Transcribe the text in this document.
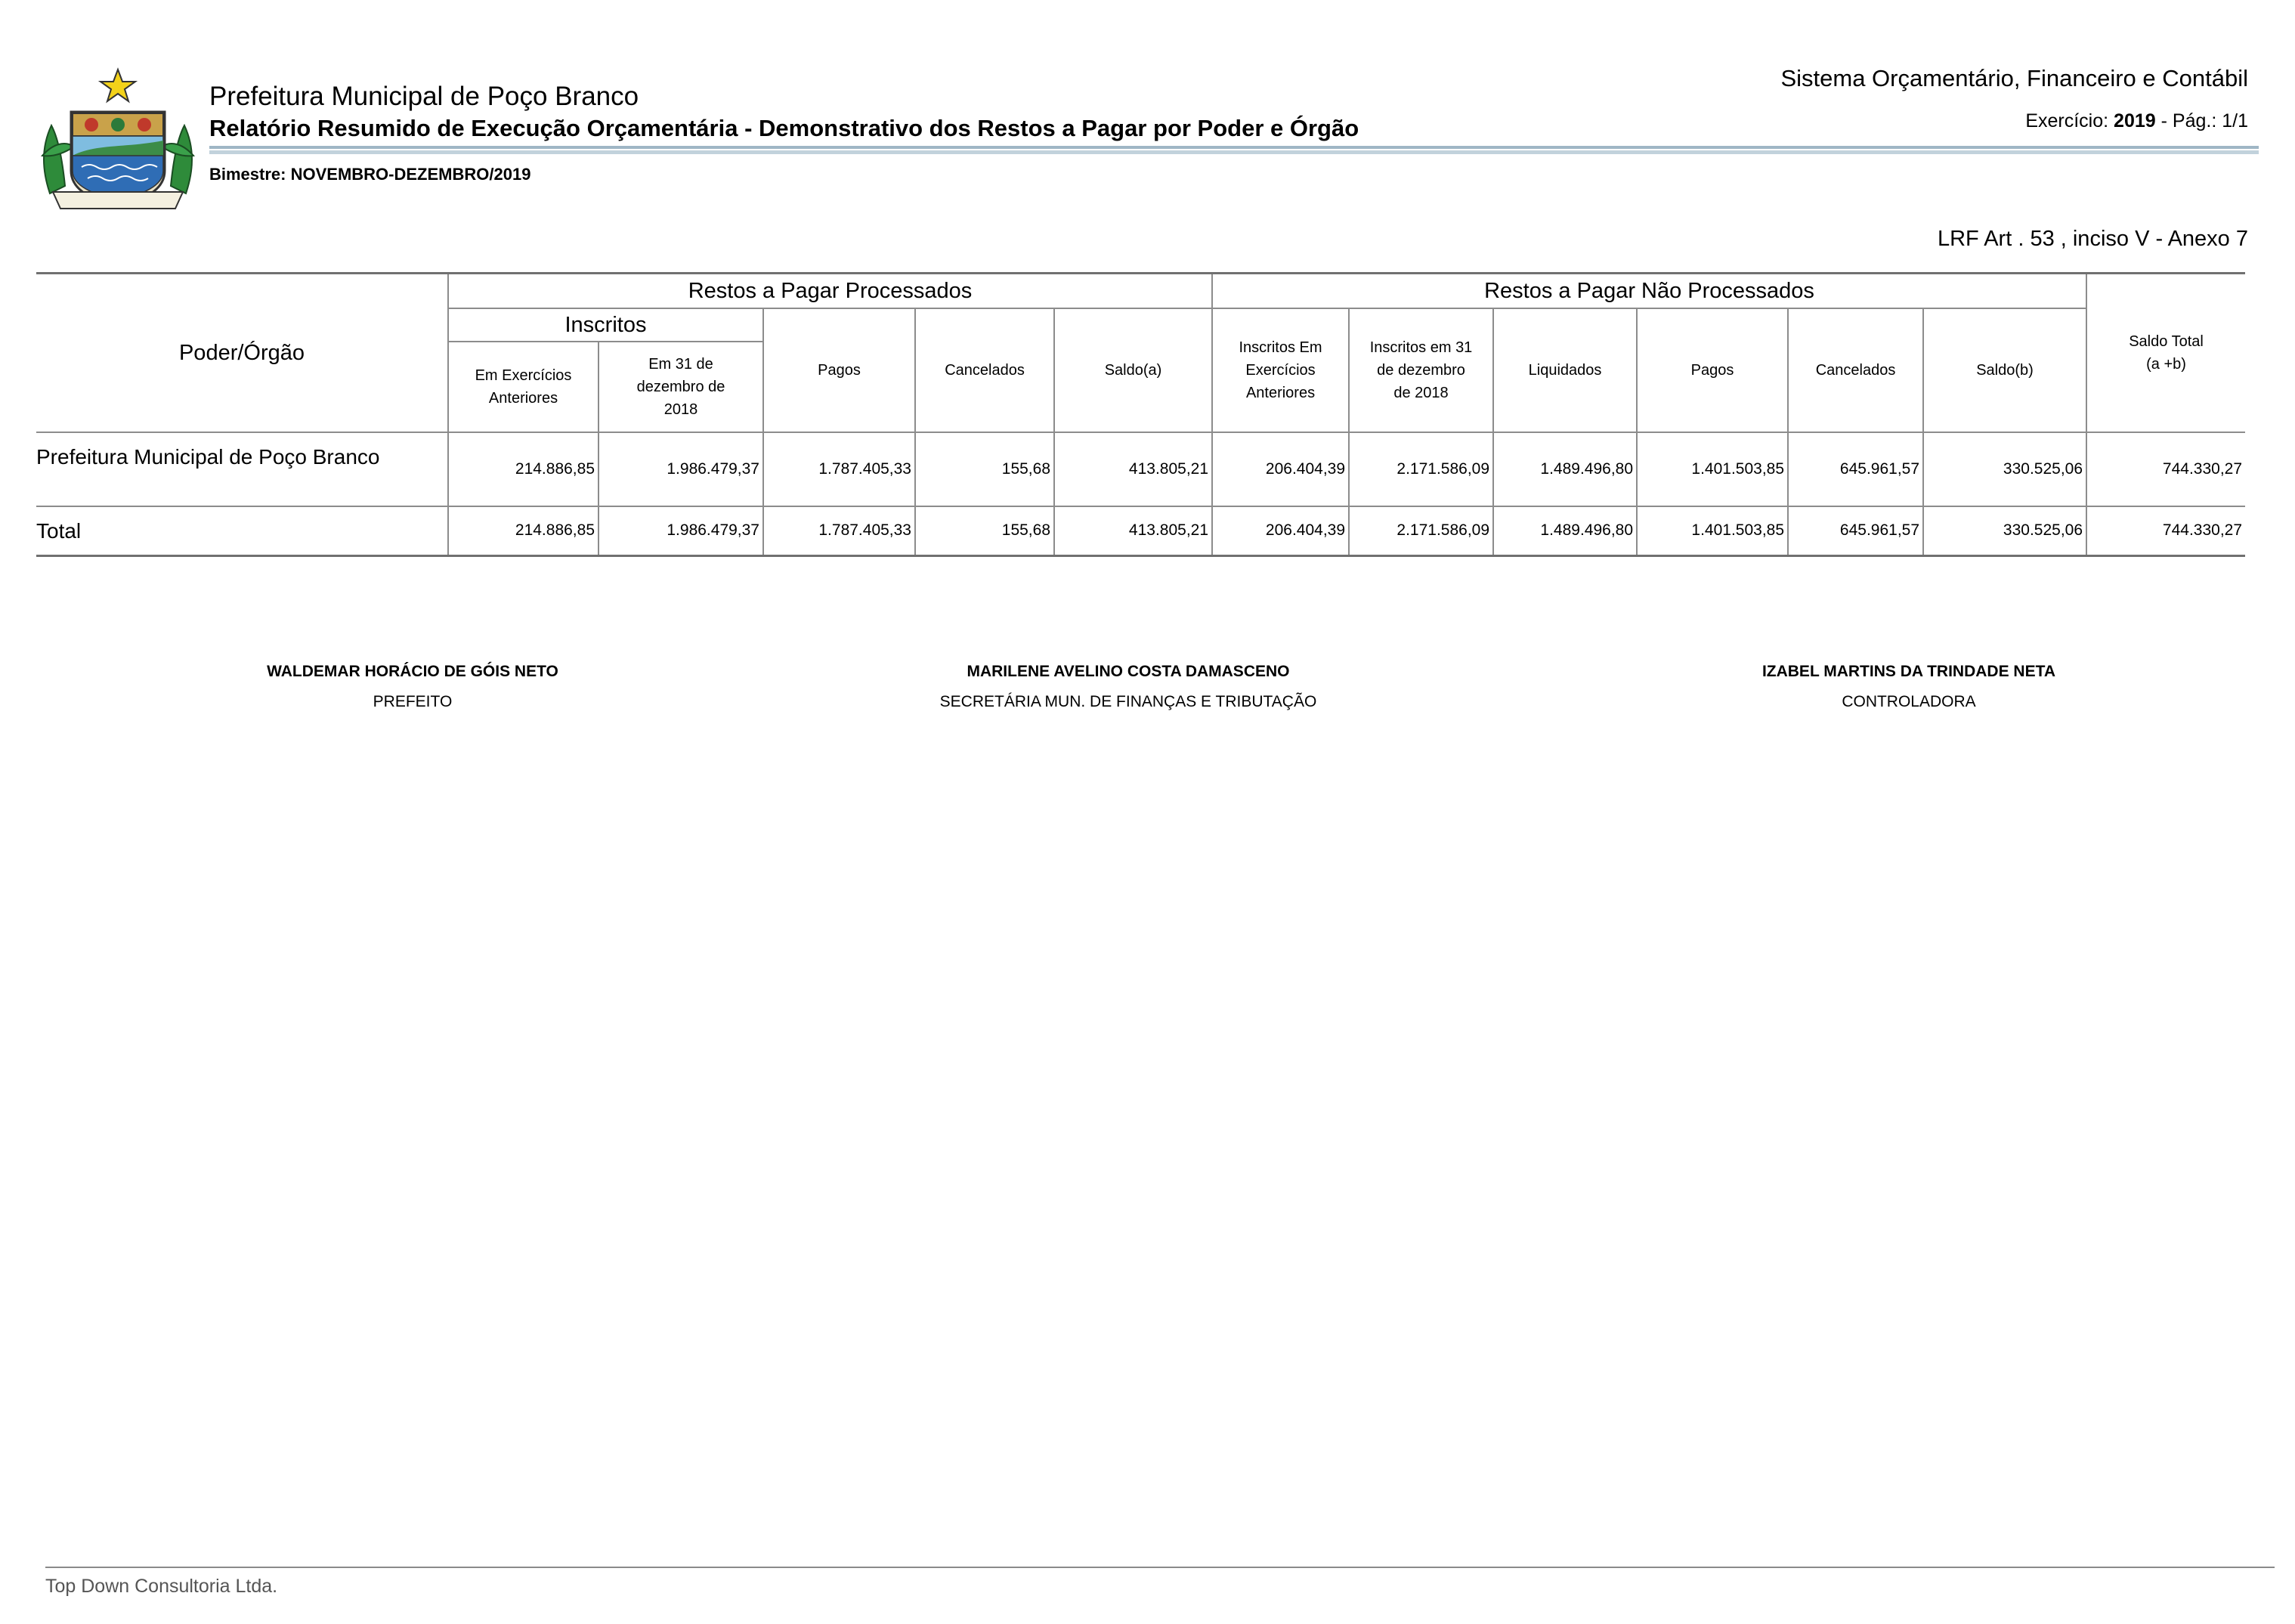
Prefeitura Municipal de Poço Branco
Relatório Resumido de Execução Orçamentária - Demonstrativo dos Restos a Pagar por Poder e Órgão
Sistema Orçamentário, Financeiro e Contábil
Exercício: 2019 - Pág.: 1/1
Bimestre: NOVEMBRO-DEZEMBRO/2019
LRF Art . 53 , inciso V - Anexo 7
Poder/Órgão	Restos a Pagar Processados					Restos a Pagar Não Processados						Saldo Total (a +b)

	Inscritos		Pagos	Cancelados	Saldo(a)	Inscritos Em Exercícios Anteriores	Inscritos em 31 de dezembro de 2018	Liquidados	Pagos	Cancelados	Saldo(b)	

	Em Exercícios Anteriores	Em 31 de dezembro de 2018										

Prefeitura Municipal de Poço Branco	214.886,85	1.986.479,37	1.787.405,33	155,68	413.805,21	206.404,39	2.171.586,09	1.489.496,80	1.401.503,85	645.961,57	330.525,06	744.330,27
Total	214.886,85	1.986.479,37	1.787.405,33	155,68	413.805,21	206.404,39	2.171.586,09	1.489.496,80	1.401.503,85	645.961,57	330.525,06	744.330,27
WALDEMAR HORÁCIO DE GÓIS NETO
PREFEITO
MARILENE AVELINO COSTA DAMASCENO
SECRETÁRIA MUN. DE FINANÇAS E TRIBUTAÇÃO
IZABEL MARTINS DA TRINDADE NETA
CONTROLADORA
Top Down Consultoria Ltda.
